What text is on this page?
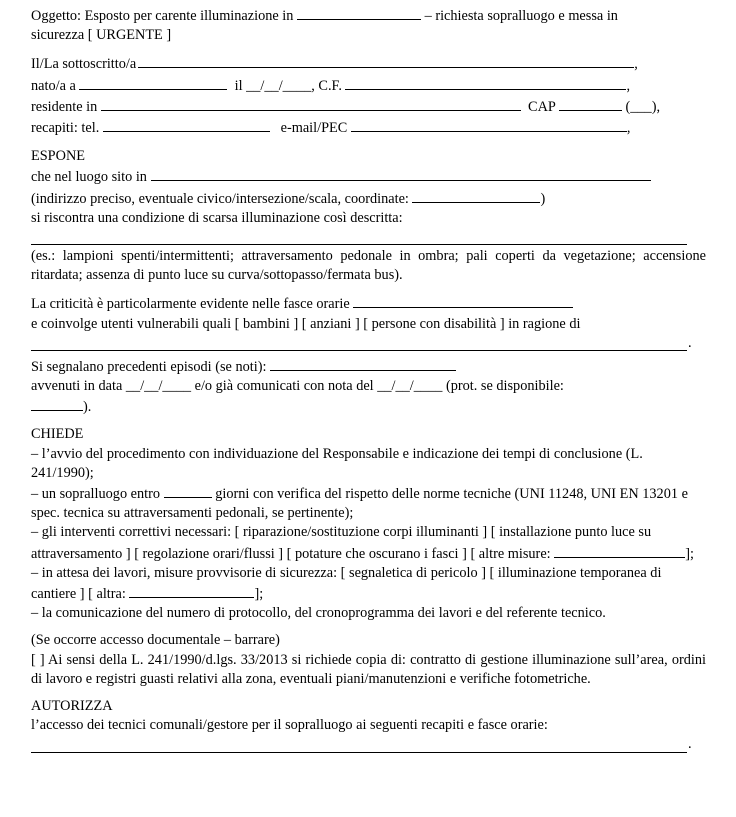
Oggetto: Esposto per carente illuminazione in	– richiesta sopralluogo e messa in

sicurezza [ URGENTE ]

Il/La sottoscritto/a	,

nato/a a	il __/__/____, C.F.	,

residente in	CAP	(___),

recapiti: tel.	e-mail/PEC	,

ESPONE

che nel luogo sito in

(indirizzo preciso, eventuale civico/intersezione/scala, coordinate:	)

si riscontra una condizione di scarsa illuminazione così descritta:

(es.: lampioni spenti/intermittenti; attraversamento pedonale in ombra; pali coperti da vegetazione; accensione ritardata; assenza di punto luce su curva/sottopasso/fermata bus).

La criticità è particolarmente evidente nelle fasce orarie

e coinvolge utenti vulnerabili quali [ bambini ] [ anziani ] [ persone con disabilità ] in ragione di

.

Si segnalano precedenti episodi (se noti):

avvenuti in data __/__/____ e/o già comunicati con nota del __/__/____ (prot. se disponibile:

).

CHIEDE

– l’avvio del procedimento con individuazione del Responsabile e indicazione dei tempi di conclusione (L. 241/1990);

– un sopralluogo entro	giorni con verifica del rispetto delle norme tecniche (UNI 11248, UNI EN 13201 e spec. tecnica su attraversamenti pedonali, se pertinente);

– gli interventi correttivi necessari: [ riparazione/sostituzione corpi illuminanti ] [ installazione punto luce su attraversamento ] [ regolazione orari/flussi ] [ potature che oscurano i fasci ] [ altre misure:	];

– in attesa dei lavori, misure provvisorie di sicurezza: [ segnaletica di pericolo ] [ illuminazione temporanea di cantiere ] [ altra:	];

– la comunicazione del numero di protocollo, del cronoprogramma dei lavori e del referente tecnico.

(Se occorre accesso documentale – barrare)

[ ] Ai sensi della L. 241/1990/d.lgs. 33/2013 si richiede copia di: contratto di gestione illuminazione sull’area, ordini di lavoro e registri guasti relativi alla zona, eventuali piani/manutenzioni e verifiche fotometriche.

AUTORIZZA

l’accesso dei tecnici comunali/gestore per il sopralluogo ai seguenti recapiti e fasce orarie:

.
